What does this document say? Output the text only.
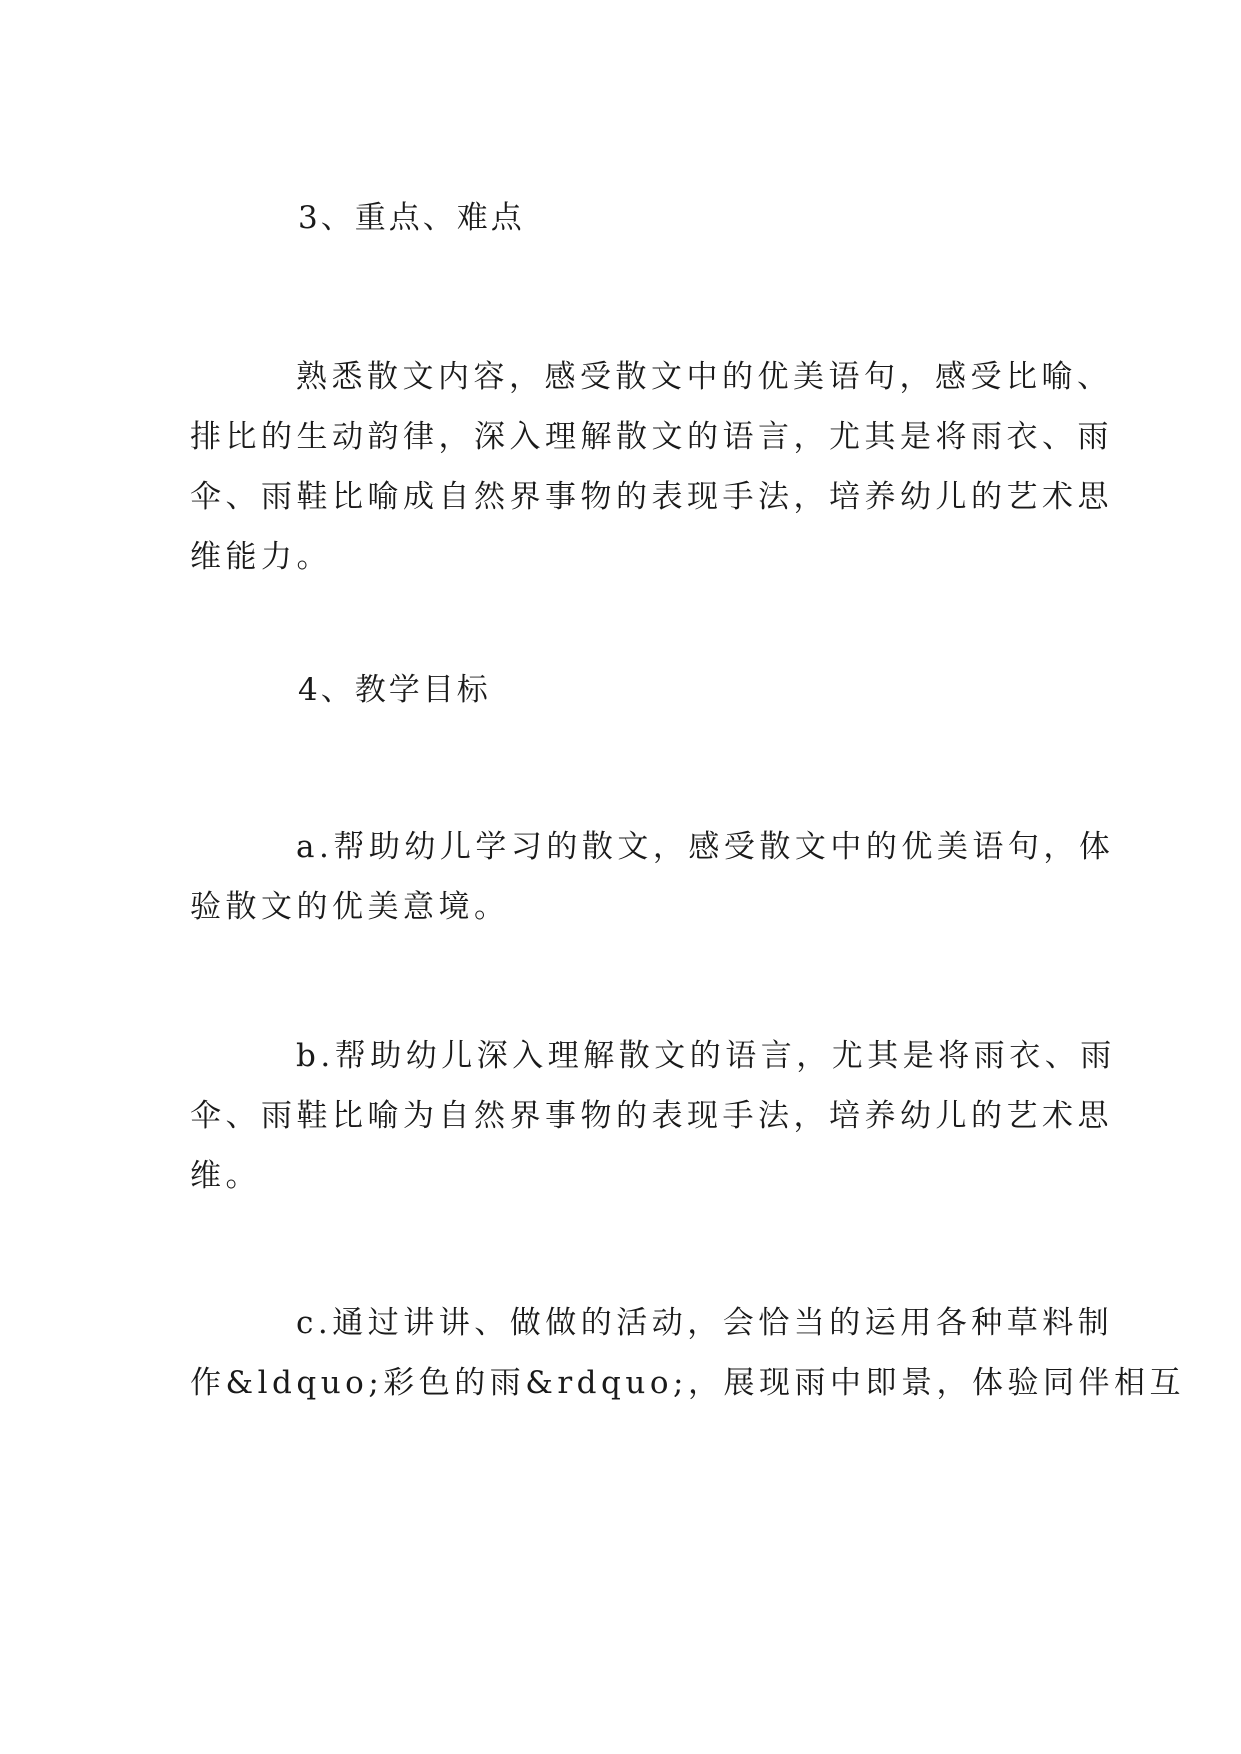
3、重点、难点
熟悉散文内容，感受散文中的优美语句，感受比喻、
排比的生动韵律，深入理解散文的语言，尤其是将雨衣、雨
伞、雨鞋比喻成自然界事物的表现手法，培养幼儿的艺术思
维能力。
4、教学目标
a.帮助幼儿学习的散文，感受散文中的优美语句，体
验散文的优美意境。
b.帮助幼儿深入理解散文的语言，尤其是将雨衣、雨
伞、雨鞋比喻为自然界事物的表现手法，培养幼儿的艺术思
维。
c.通过讲讲、做做的活动，会恰当的运用各种草料制
作&ldquo;彩色的雨&rdquo;，展现雨中即景，体验同伴相互
